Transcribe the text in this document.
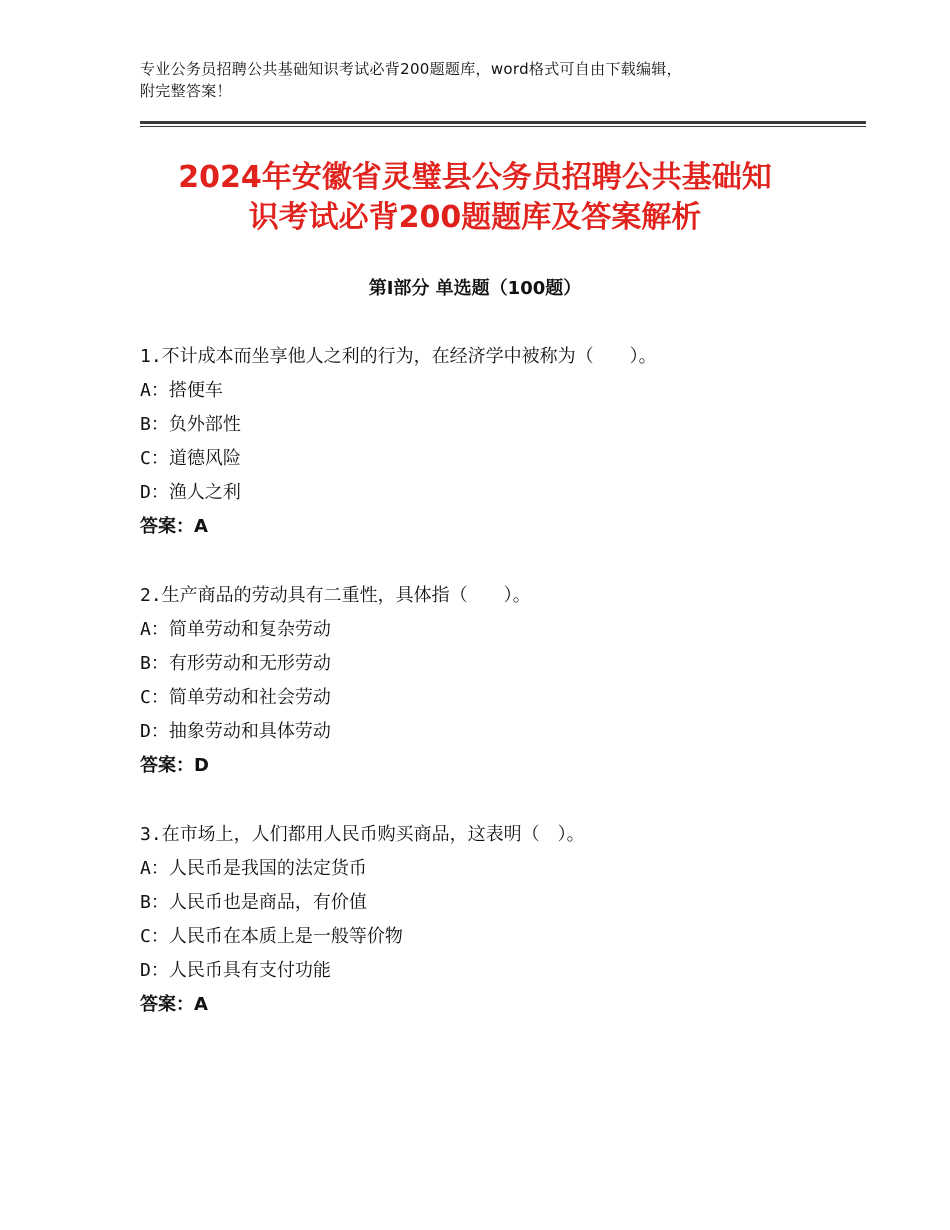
专业公务员招聘公共基础知识考试必背200题题库，word格式可自由下载编辑，
附完整答案！
2024年安徽省灵璧县公务员招聘公共基础知
识考试必背200题题库及答案解析
第Ⅰ部分 单选题（100题）
1.不计成本而坐享他人之利的行为，在经济学中被称为（　　）。
A：搭便车
B：负外部性
C：道德风险
D：渔人之利
答案：A
2.生产商品的劳动具有二重性，具体指（　　）。
A：简单劳动和复杂劳动
B：有形劳动和无形劳动
C：简单劳动和社会劳动
D：抽象劳动和具体劳动
答案：D
3.在市场上，人们都用人民币购买商品，这表明（　）。
A：人民币是我国的法定货币
B：人民币也是商品，有价值
C：人民币在本质上是一般等价物
D：人民币具有支付功能
答案：A
